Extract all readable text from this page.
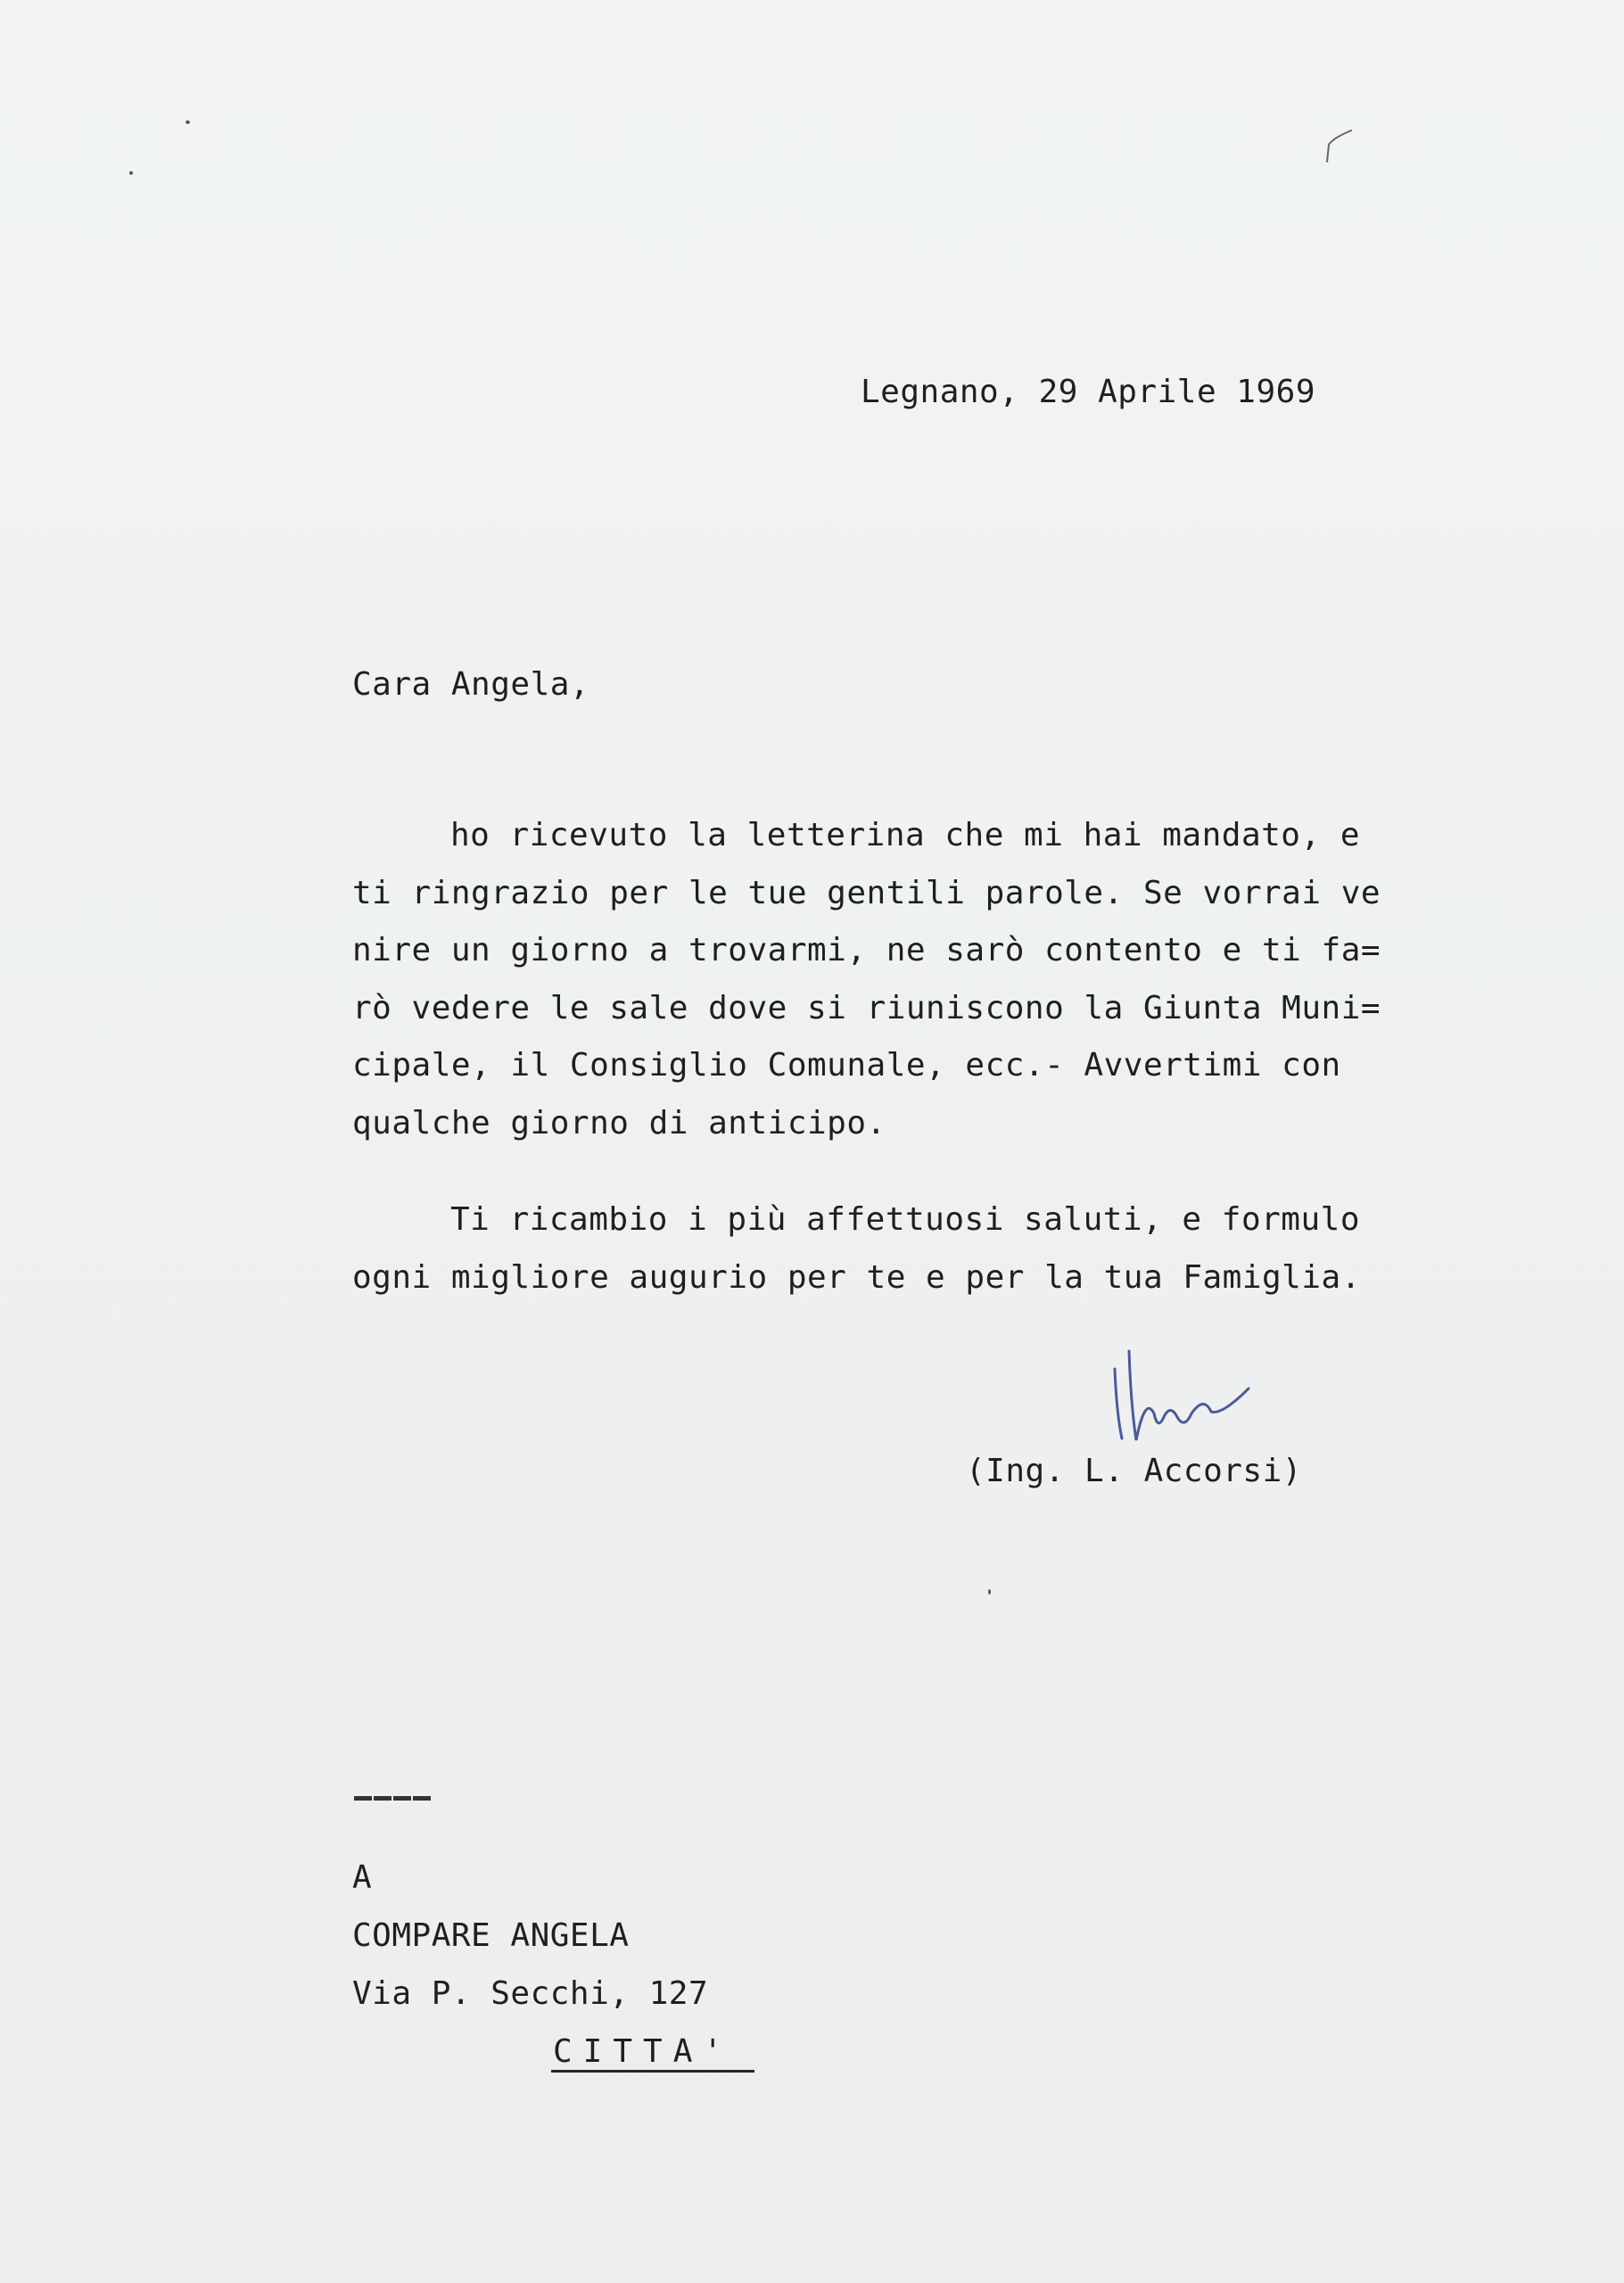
Legnano, 29 Aprile 1969
Cara Angela,
ho ricevuto la letterina che mi hai mandato, e
ti ringrazio per le tue gentili parole. Se vorrai ve
nire un giorno a trovarmi, ne sarò contento e ti fa=
rò vedere le sale dove si riuniscono la Giunta Muni=
cipale, il Consiglio Comunale, ecc.- Avvertimi con
qualche giorno di anticipo.
Ti ricambio i più affettuosi saluti, e formulo
ogni migliore augurio per te e per la tua Famiglia.
(Ing. L. Accorsi)
A
COMPARE ANGELA
Via P. Secchi, 127
CITTA'
